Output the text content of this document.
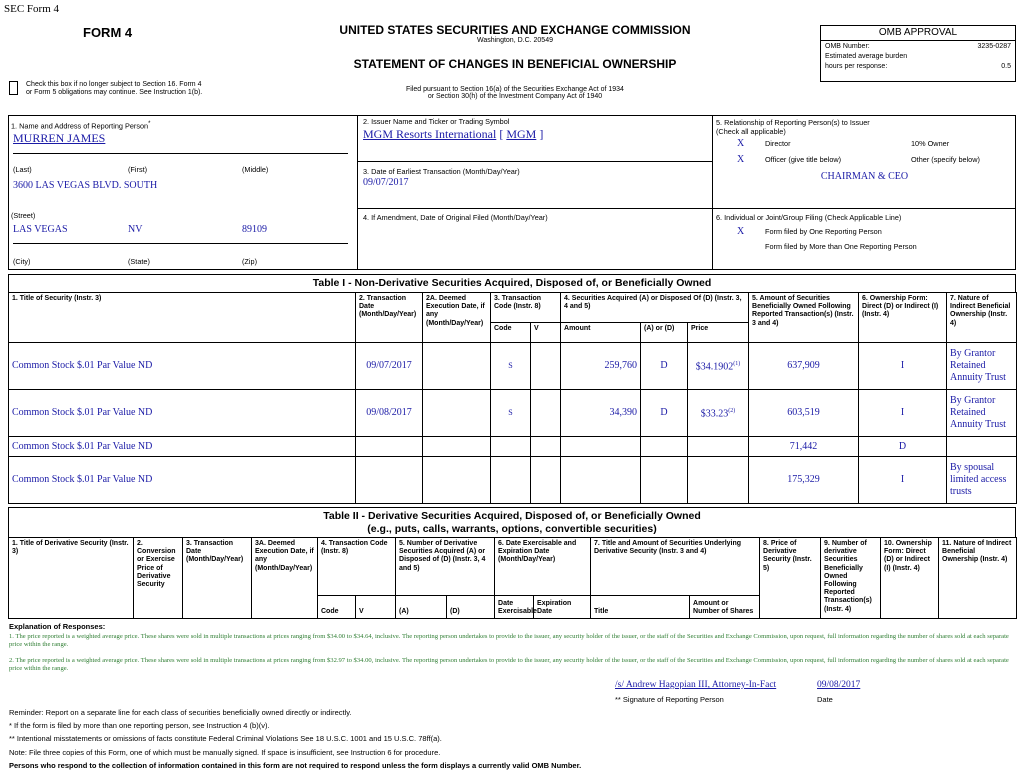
SEC Form 4
FORM 4	UNITED STATES SECURITIES AND EXCHANGE COMMISSION
Washington, D.C. 20549
STATEMENT OF CHANGES IN BENEFICIAL OWNERSHIP
Filed pursuant to Section 16(a) of the Securities Exchange Act of 1934
or Section 30(h) of the Investment Company Act of 1940
Check this box if no longer subject to Section 16. Form 4
or Form 5 obligations may continue. See Instruction 1(b).
OMB APPROVAL
OMB Number:	3235-0287
Estimated average burden
hours per response:	0.5
1. Name and Address of Reporting Person*
MURREN JAMES
(Last)	(First)	(Middle)
3600 LAS VEGAS BLVD. SOUTH
(Street)
LAS VEGAS	NV	89109
(City)	(State)	(Zip)
2. Issuer Name and Ticker or Trading Symbol
MGM Resorts International [ MGM ]
3. Date of Earliest Transaction (Month/Day/Year)
09/07/2017
4. If Amendment, Date of Original Filed (Month/Day/Year)
5. Relationship of Reporting Person(s) to Issuer
(Check all applicable)
X	Director	10% Owner
X	Officer (give title below)	Other (specify below)
CHAIRMAN & CEO
6. Individual or Joint/Group Filing (Check Applicable Line)
X	Form filed by One Reporting Person
Form filed by More than One Reporting Person
Table I - Non-Derivative Securities Acquired, Disposed of, or Beneficially Owned
1. Title of Security (Instr. 3)	2. Transaction Date (Month/Day/Year)	2A. Deemed Execution Date, if any (Month/Day/Year)	3. Transaction Code (Instr. 8)		4. Securities Acquired (A) or Disposed Of (D) (Instr. 3, 4 and 5)			5. Amount of Securities Beneficially Owned Following Reported Transaction(s) (Instr. 3 and 4)	6. Ownership Form: Direct (D) or Indirect (I) (Instr. 4)	7. Nature of Indirect Beneficial Ownership (Instr. 4)
			Code	V	Amount	(A) or (D)	Price			
Common Stock $.01 Par Value ND	09/07/2017		S		259,760	D	$34.1902$^{(1)}$	637,909	I	By Grantor Retained Annuity Trust
Common Stock $.01 Par Value ND	09/08/2017		S		34,390	D	$33.23$^{(2)}$	603,519	I	By Grantor Retained Annuity Trust
Common Stock $.01 Par Value ND								71,442	D	
Common Stock $.01 Par Value ND								175,329	I	By spousal limited access trusts
Table II - Derivative Securities Acquired, Disposed of, or Beneficially Owned
(e.g., puts, calls, warrants, options, convertible securities)
1. Title of Derivative Security (Instr. 3)	2. Conversion or Exercise Price of Derivative Security	3. Transaction Date (Month/Day/Year)	3A. Deemed Execution Date, if any (Month/Day/Year)	4. Transaction Code (Instr. 8)		5. Number of Derivative Securities Acquired (A) or Disposed of (D) (Instr. 3, 4 and 5)		6. Date Exercisable and Expiration Date (Month/Day/Year)		7. Title and Amount of Securities Underlying Derivative Security (Instr. 3 and 4)		8. Price of Derivative Security (Instr. 5)	9. Number of derivative Securities Beneficially Owned Following Reported Transaction(s) (Instr. 4)	10. Ownership Form: Direct (D) or Indirect (I) (Instr. 4)	11. Nature of Indirect Beneficial Ownership (Instr. 4)
				Code	V	(A)	(D)	Date Exercisable	Expiration Date	Title	Amount or Number of Shares				
Explanation of Responses:
1. The price reported is a weighted average price. These shares were sold in multiple transactions at prices ranging from $34.00 to $34.64, inclusive. The reporting person undertakes to provide to the issuer, any security holder of the issuer, or the staff of the Securities and Exchange Commission, upon request, full information regarding the number of shares sold at each separate price within the range.
2. The price reported is a weighted average price. These shares were sold in multiple transactions at prices ranging from $32.97 to $34.00, inclusive. The reporting person undertakes to provide to the issuer, any security holder of the issuer, or the staff of the Securities and Exchange Commission, upon request, full information regarding the number of shares sold at each separate price within the range.
/s/ Andrew Hagopian III, Attorney-In-Fact	09/08/2017
** Signature of Reporting Person	Date
Reminder: Report on a separate line for each class of securities beneficially owned directly or indirectly.
* If the form is filed by more than one reporting person, see Instruction 4 (b)(v).
** Intentional misstatements or omissions of facts constitute Federal Criminal Violations See 18 U.S.C. 1001 and 15 U.S.C. 78ff(a).
Note: File three copies of this Form, one of which must be manually signed. If space is insufficient, see Instruction 6 for procedure.
Persons who respond to the collection of information contained in this form are not required to respond unless the form displays a currently valid OMB Number.
